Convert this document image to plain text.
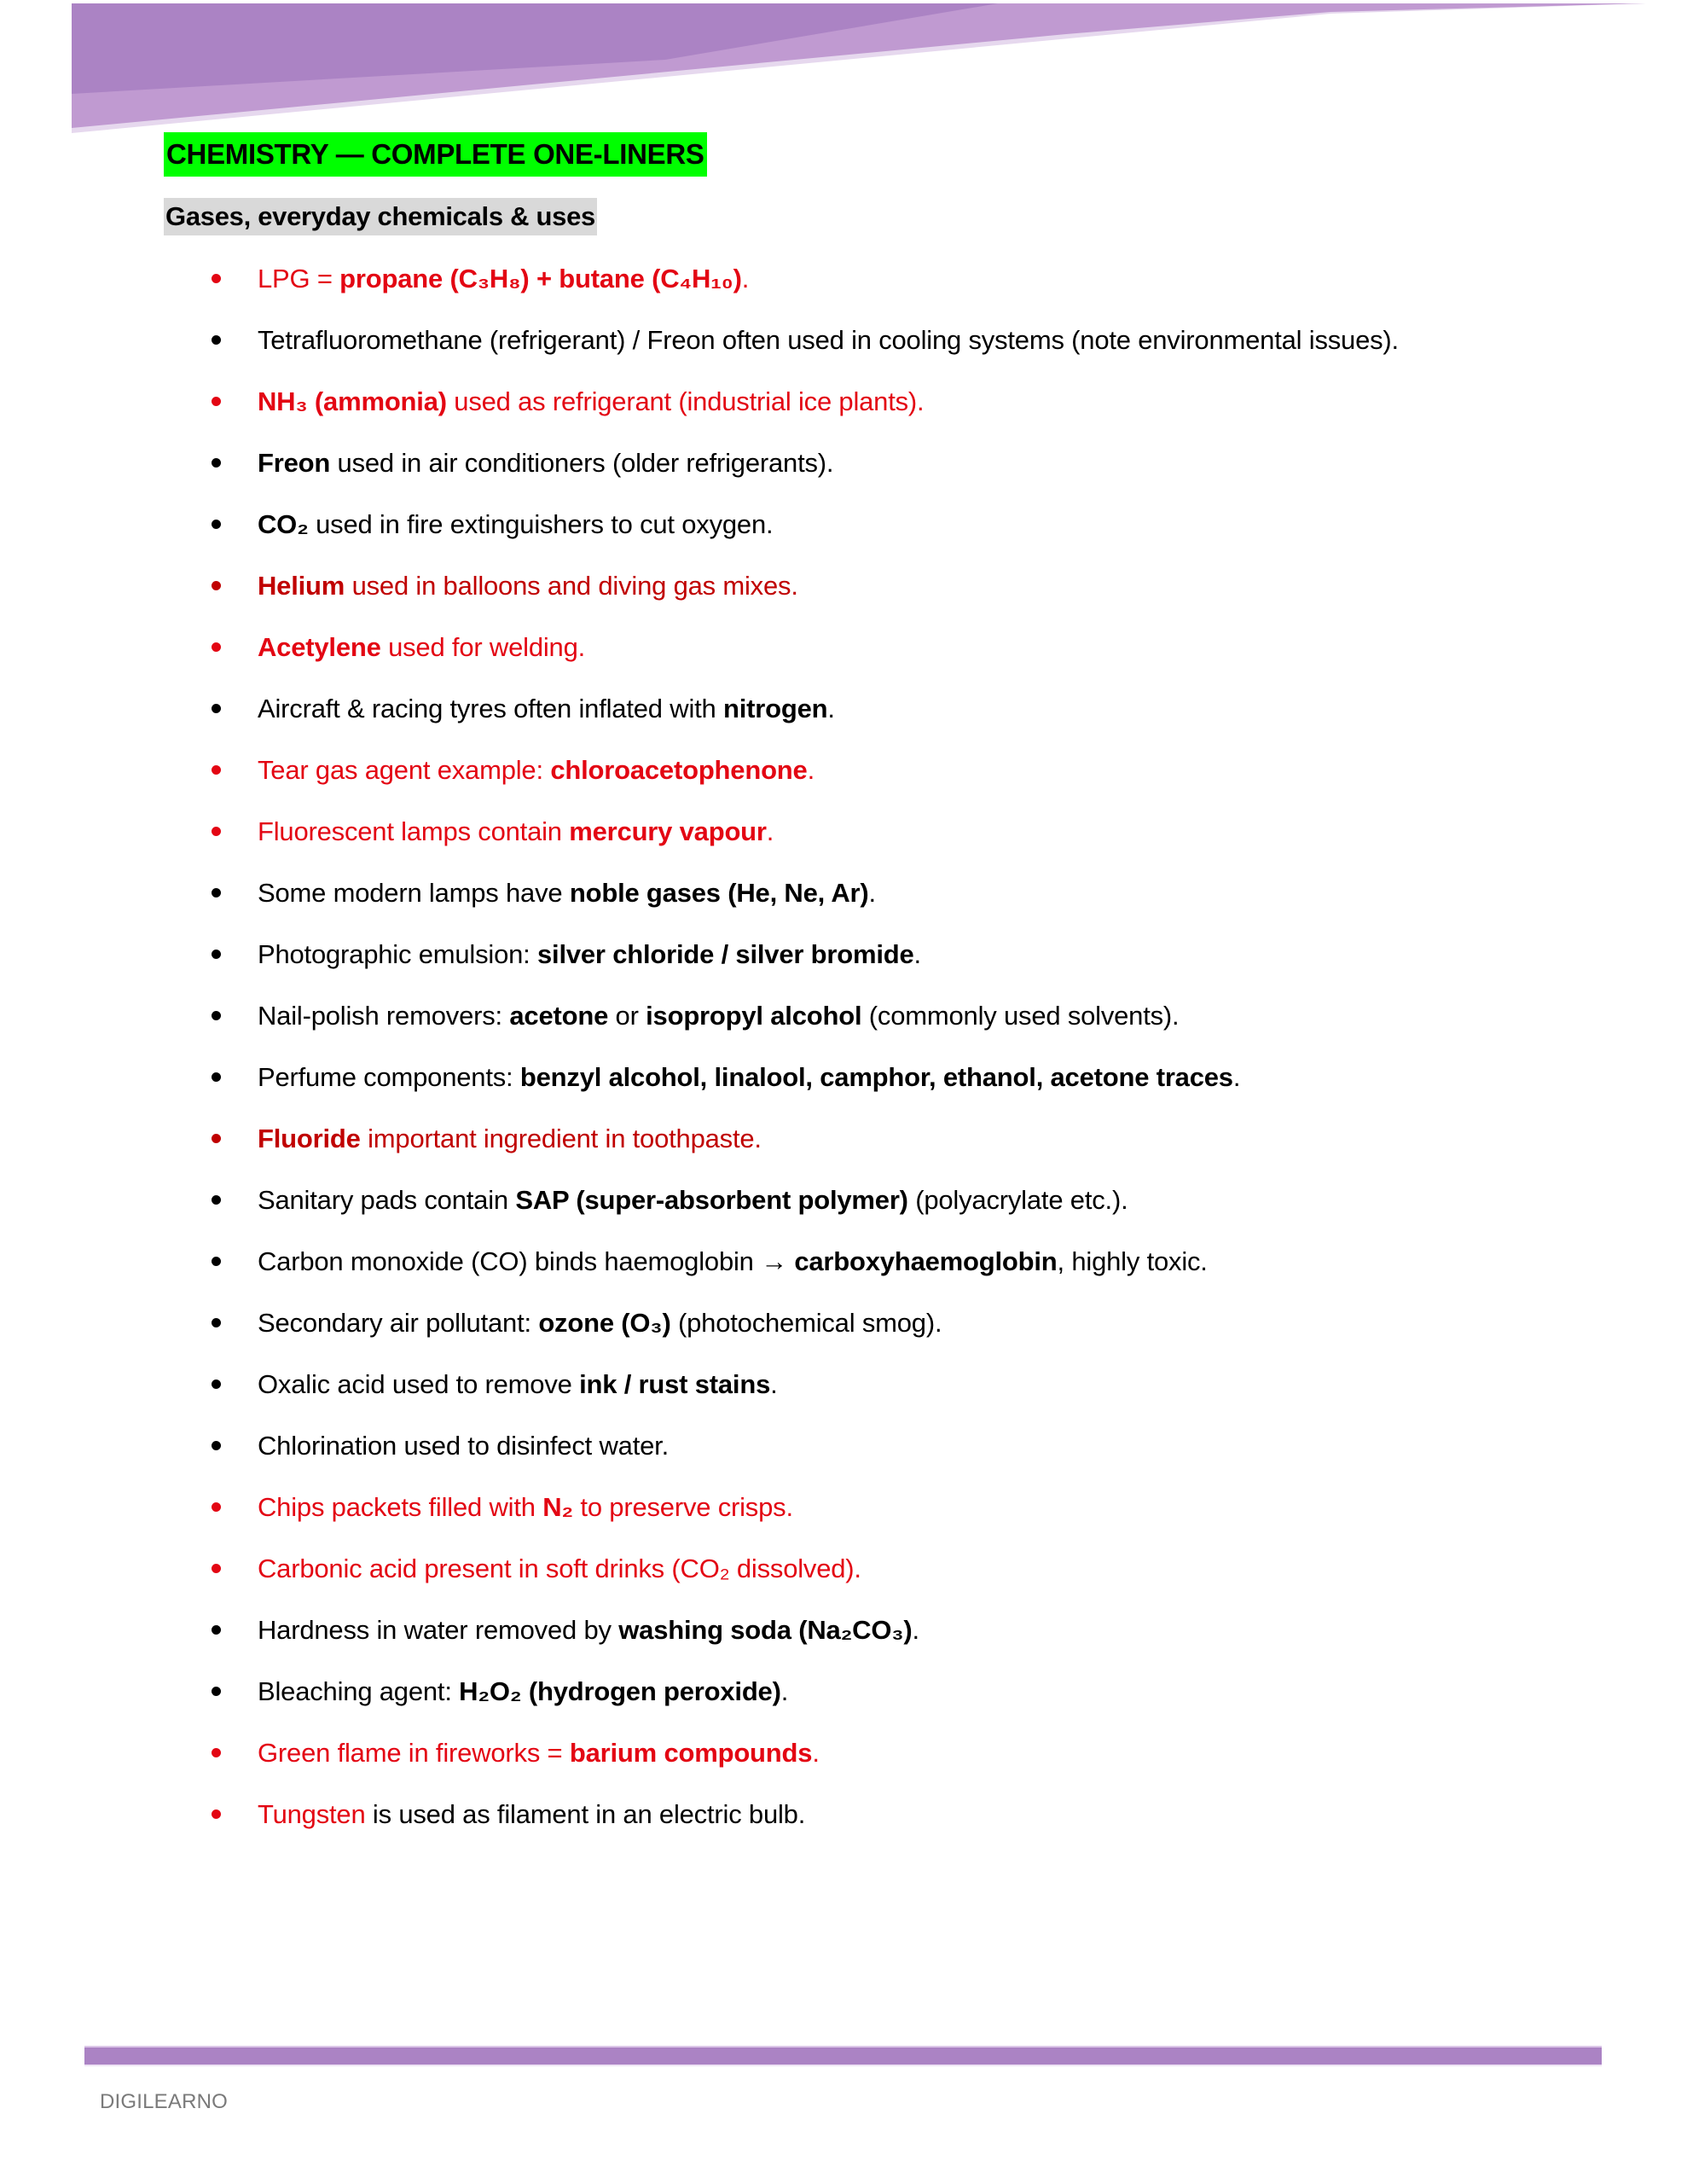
CHEMISTRY — COMPLETE ONE-LINERS
Gases, everyday chemicals & uses
LPG = propane (C₃H₈) + butane (C₄H₁₀).
Tetrafluoromethane (refrigerant) / Freon often used in cooling systems (note environmental issues).
NH₃ (ammonia) used as refrigerant (industrial ice plants).
Freon used in air conditioners (older refrigerants).
CO₂ used in fire extinguishers to cut oxygen.
Helium used in balloons and diving gas mixes.
Acetylene used for welding.
Aircraft & racing tyres often inflated with nitrogen.
Tear gas agent example: chloroacetophenone.
Fluorescent lamps contain mercury vapour.
Some modern lamps have noble gases (He, Ne, Ar).
Photographic emulsion: silver chloride / silver bromide.
Nail-polish removers: acetone or isopropyl alcohol (commonly used solvents).
Perfume components: benzyl alcohol, linalool, camphor, ethanol, acetone traces.
Fluoride important ingredient in toothpaste.
Sanitary pads contain SAP (super-absorbent polymer) (polyacrylate etc.).
Carbon monoxide (CO) binds haemoglobin → carboxyhaemoglobin, highly toxic.
Secondary air pollutant: ozone (O₃) (photochemical smog).
Oxalic acid used to remove ink / rust stains.
Chlorination used to disinfect water.
Chips packets filled with N₂ to preserve crisps.
Carbonic acid present in soft drinks (CO₂ dissolved).
Hardness in water removed by washing soda (Na₂CO₃).
Bleaching agent: H₂O₂ (hydrogen peroxide).
Green flame in fireworks = barium compounds.
Tungsten is used as filament in an electric bulb.
DIGILEARNO
